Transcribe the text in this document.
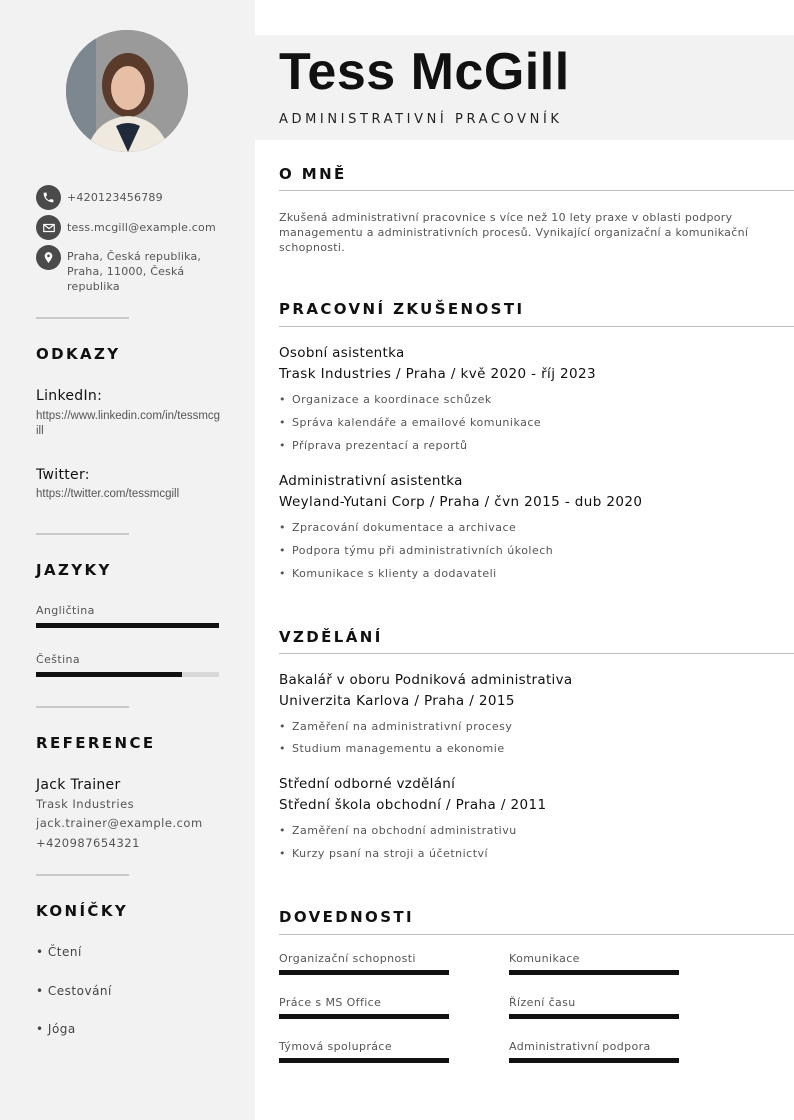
+420123456789
tess.mcgill@example.com
Praha, Česká republika, Praha, 11000, Česká republika
ODKAZY
LinkedIn:
https://www.linkedin.com/in/tessmcgill
Twitter:
https://twitter.com/tessmcgill
JAZYKY
Angličtina
Čeština
REFERENCE
Jack Trainer
Trask Industries
jack.trainer@example.com
+420987654321
KONÍČKY
• Čtení
• Cestování
• Jóga
Tess McGill
ADMINISTRATIVNÍ PRACOVNÍK
O MNĚ
Zkušená administrativní pracovnice s více než 10 lety praxe v oblasti podpory managementu a administrativních procesů. Vynikající organizační a komunikační schopnosti.
PRACOVNÍ ZKUŠENOSTI
Osobní asistentka
Trask Industries / Praha / kvě 2020 - říj 2023
• Organizace a koordinace schůzek
• Správa kalendáře a emailové komunikace
• Příprava prezentací a reportů
Administrativní asistentka
Weyland-Yutani Corp / Praha / čvn 2015 - dub 2020
• Zpracování dokumentace a archivace
• Podpora týmu při administrativních úkolech
• Komunikace s klienty a dodavateli
VZDĚLÁNÍ
Bakalář v oboru Podniková administrativa
Univerzita Karlova / Praha / 2015
• Zaměření na administrativní procesy
• Studium managementu a ekonomie
Střední odborné vzdělání
Střední škola obchodní / Praha / 2011
• Zaměření na obchodní administrativu
• Kurzy psaní na stroji a účetnictví
DOVEDNOSTI
Organizační schopnosti	Komunikace
Práce s MS Office	Řízení času
Týmová spolupráce	Administrativní podpora
